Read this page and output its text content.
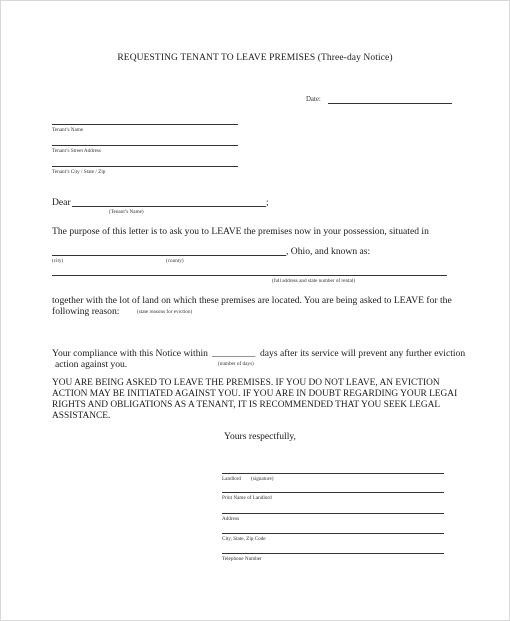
REQUESTING TENANT TO LEAVE PREMISES (Three-day Notice)
Date:
Tenant’s Name
Tenant’s Street Address
Tenant’s City / State / Zip
Dear	;
(Tenant’s Name)
The purpose of this letter is to ask you to LEAVE the premises now in your possession, situated in
, Ohio, and known as:
(city)	(county)
(full address and state number of rental)
together with the lot of land on which these premises are located. You are being asked to LEAVE for the
following reason:	(state reasons for eviction)
Your compliance with this Notice within _________ days after its service will prevent any further eviction
action against you.	(number of days)
YOU ARE BEING ASKED TO LEAVE THE PREMISES. IF YOU DO NOT LEAVE, AN EVICTION
ACTION MAY BE INITIATED AGAINST YOU. IF YOU ARE IN DOUBT REGARDING YOUR LEGAI
RIGHTS AND OBLIGATIONS AS A TENANT, IT IS RECOMMENDED THAT YOU SEEK LEGAL
ASSISTANCE.
Yours respectfully,
Landlord (signature)
Print Name of Landlord
Address
City, State, Zip Code
Telephone Number
